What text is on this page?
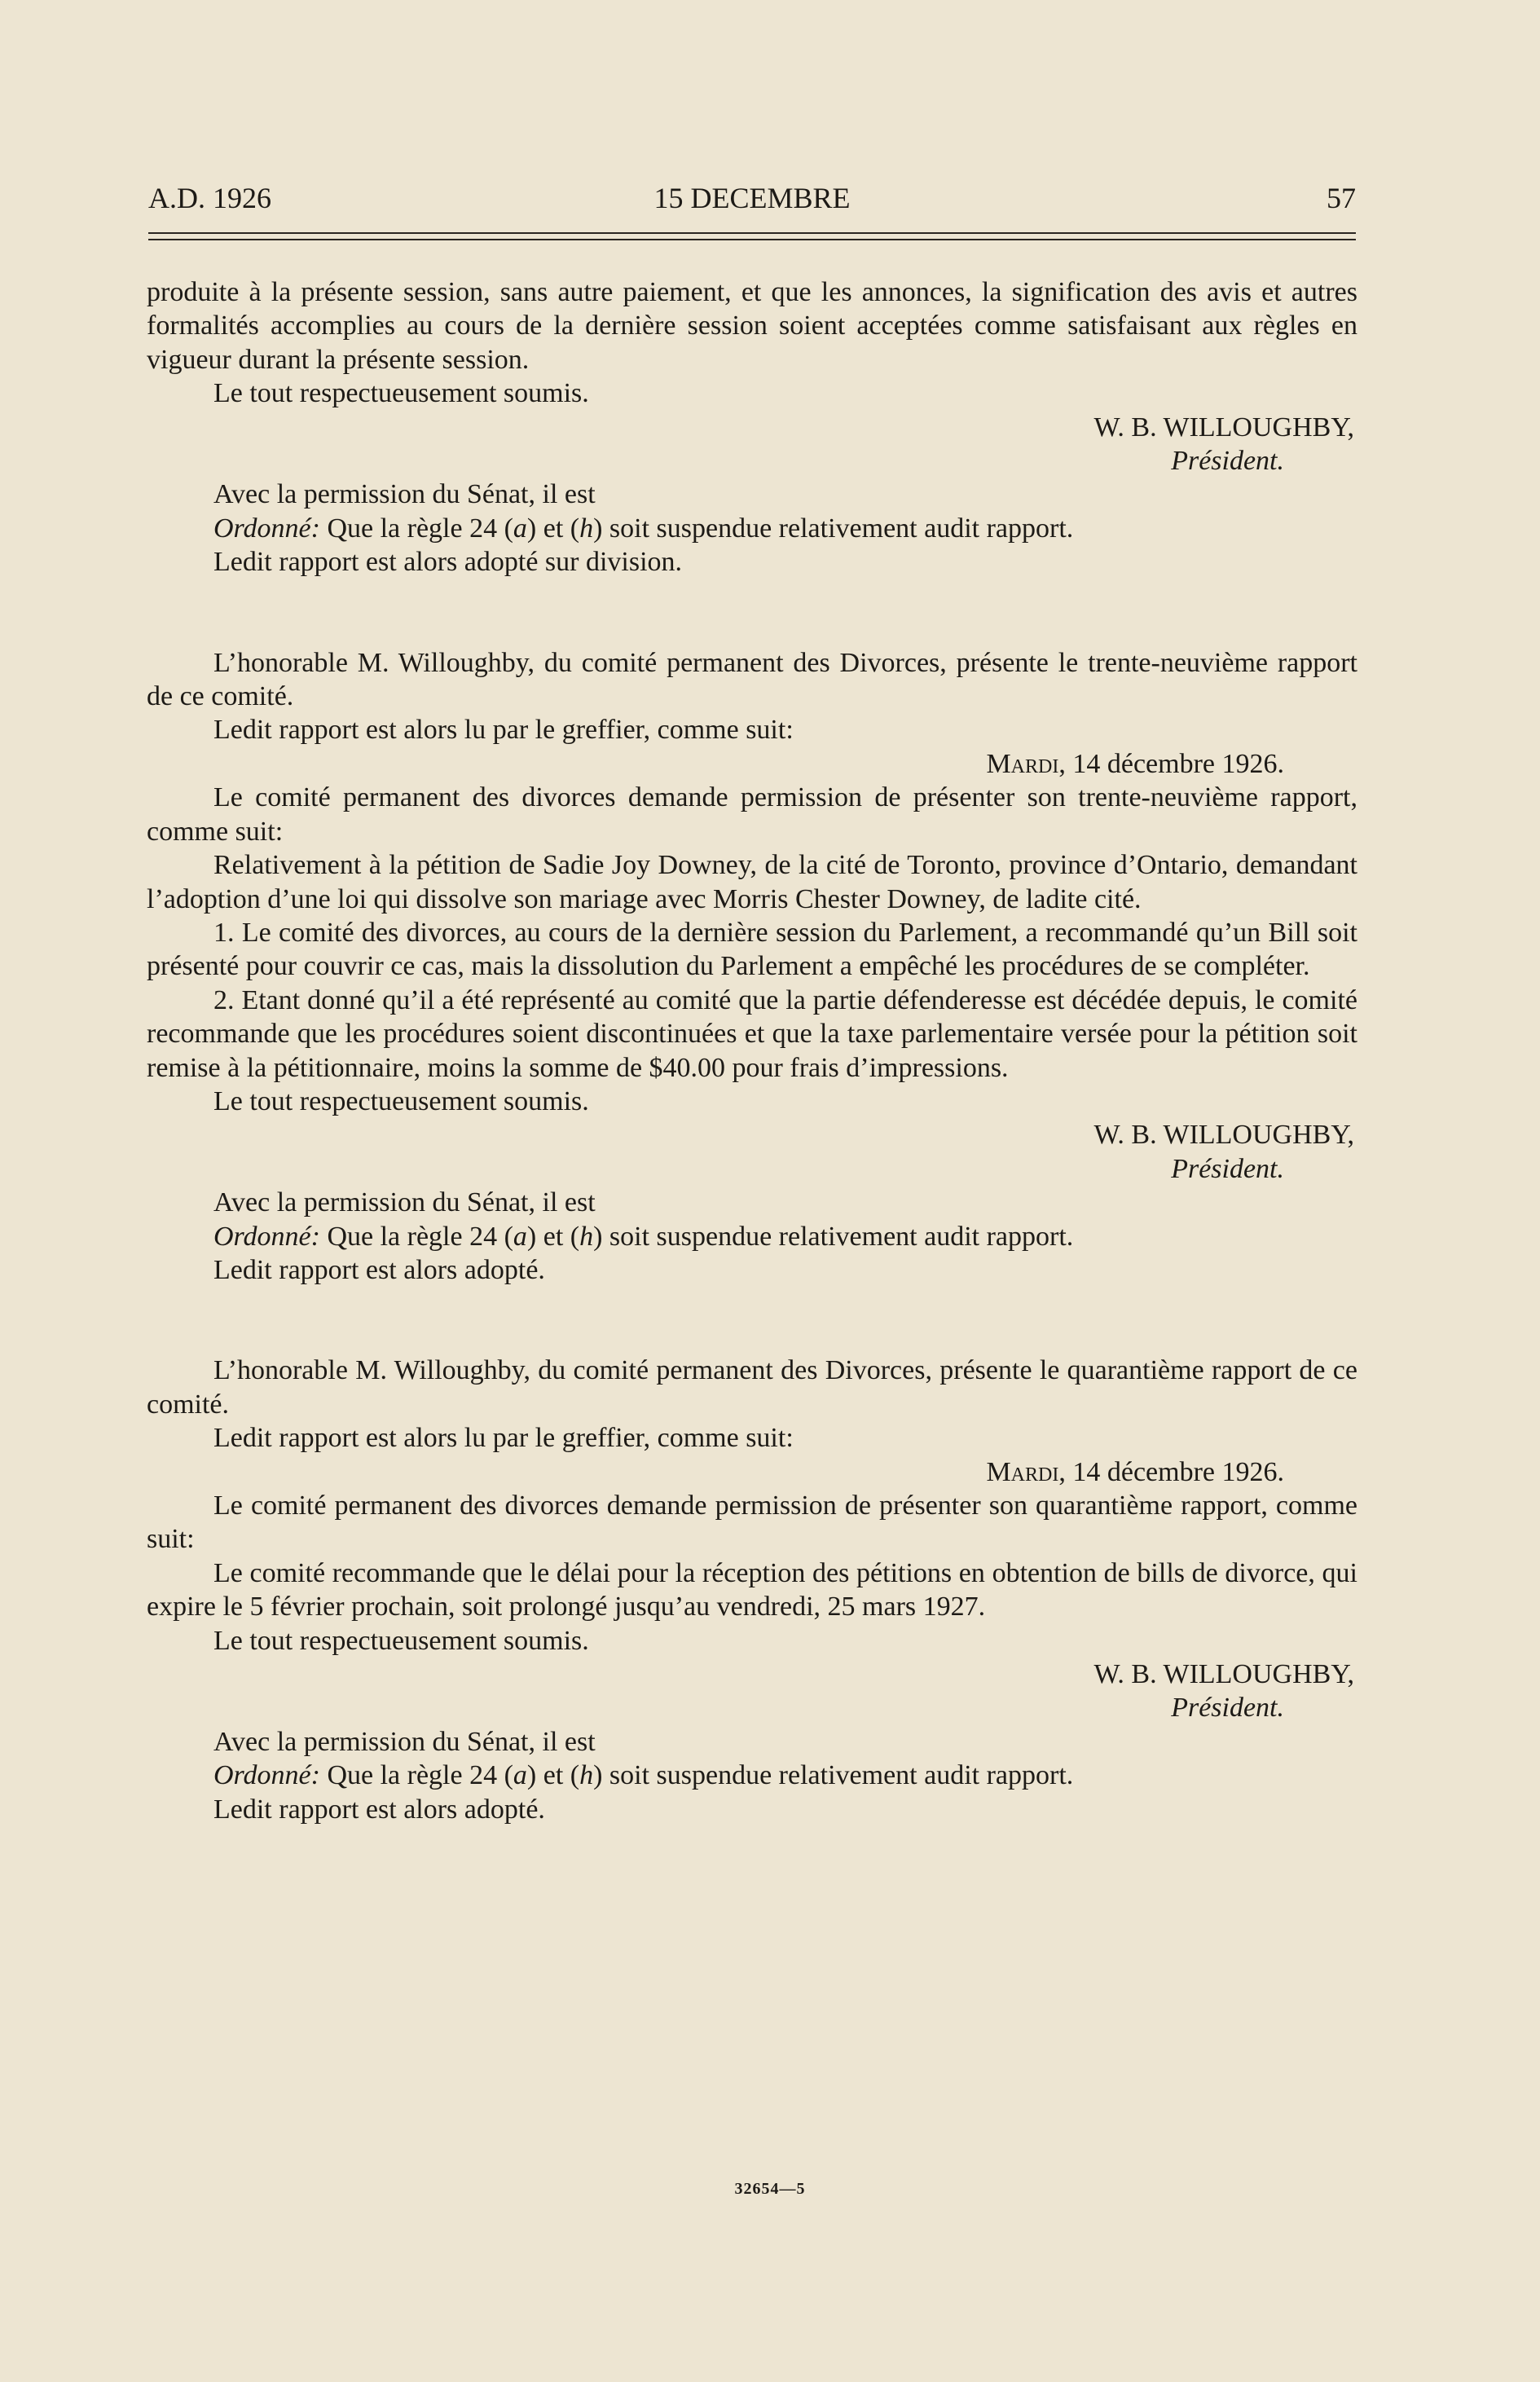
A.D. 1926	15 DECEMBRE	57

produite à la présente session, sans autre paiement, et que les annonces, la signification des avis et autres formalités accomplies au cours de la dernière session soient acceptées comme satisfaisant aux règles en vigueur durant la présente session.

Le tout respectueusement soumis.

W. B. WILLOUGHBY,

Président.

Avec la permission du Sénat, il est

Ordonné: Que la règle 24 (a) et (h) soit suspendue relativement audit rapport.

Ledit rapport est alors adopté sur division.

L’honorable M. Willoughby, du comité permanent des Divorces, présente le trente-neuvième rapport de ce comité.

Ledit rapport est alors lu par le greffier, comme suit:

Mardi, 14 décembre 1926.

Le comité permanent des divorces demande permission de présenter son trente-neuvième rapport, comme suit:

Relativement à la pétition de Sadie Joy Downey, de la cité de Toronto, province d’Ontario, demandant l’adoption d’une loi qui dissolve son mariage avec Morris Chester Downey, de ladite cité.

1. Le comité des divorces, au cours de la dernière session du Parlement, a recommandé qu’un Bill soit présenté pour couvrir ce cas, mais la dissolution du Parlement a empêché les procédures de se compléter.

2. Etant donné qu’il a été représenté au comité que la partie défenderesse est décédée depuis, le comité recommande que les procédures soient discontinuées et que la taxe parlementaire versée pour la pétition soit remise à la pétitionnaire, moins la somme de $40.00 pour frais d’impressions.

Le tout respectueusement soumis.

W. B. WILLOUGHBY,

Président.

Avec la permission du Sénat, il est

Ordonné: Que la règle 24 (a) et (h) soit suspendue relativement audit rapport.

Ledit rapport est alors adopté.

L’honorable M. Willoughby, du comité permanent des Divorces, présente le quarantième rapport de ce comité.

Ledit rapport est alors lu par le greffier, comme suit:

Mardi, 14 décembre 1926.

Le comité permanent des divorces demande permission de présenter son quarantième rapport, comme suit:

Le comité recommande que le délai pour la réception des pétitions en obtention de bills de divorce, qui expire le 5 février prochain, soit prolongé jusqu’au vendredi, 25 mars 1927.

Le tout respectueusement soumis.

W. B. WILLOUGHBY,

Président.

Avec la permission du Sénat, il est

Ordonné: Que la règle 24 (a) et (h) soit suspendue relativement audit rapport.

Ledit rapport est alors adopté.

32654—5
